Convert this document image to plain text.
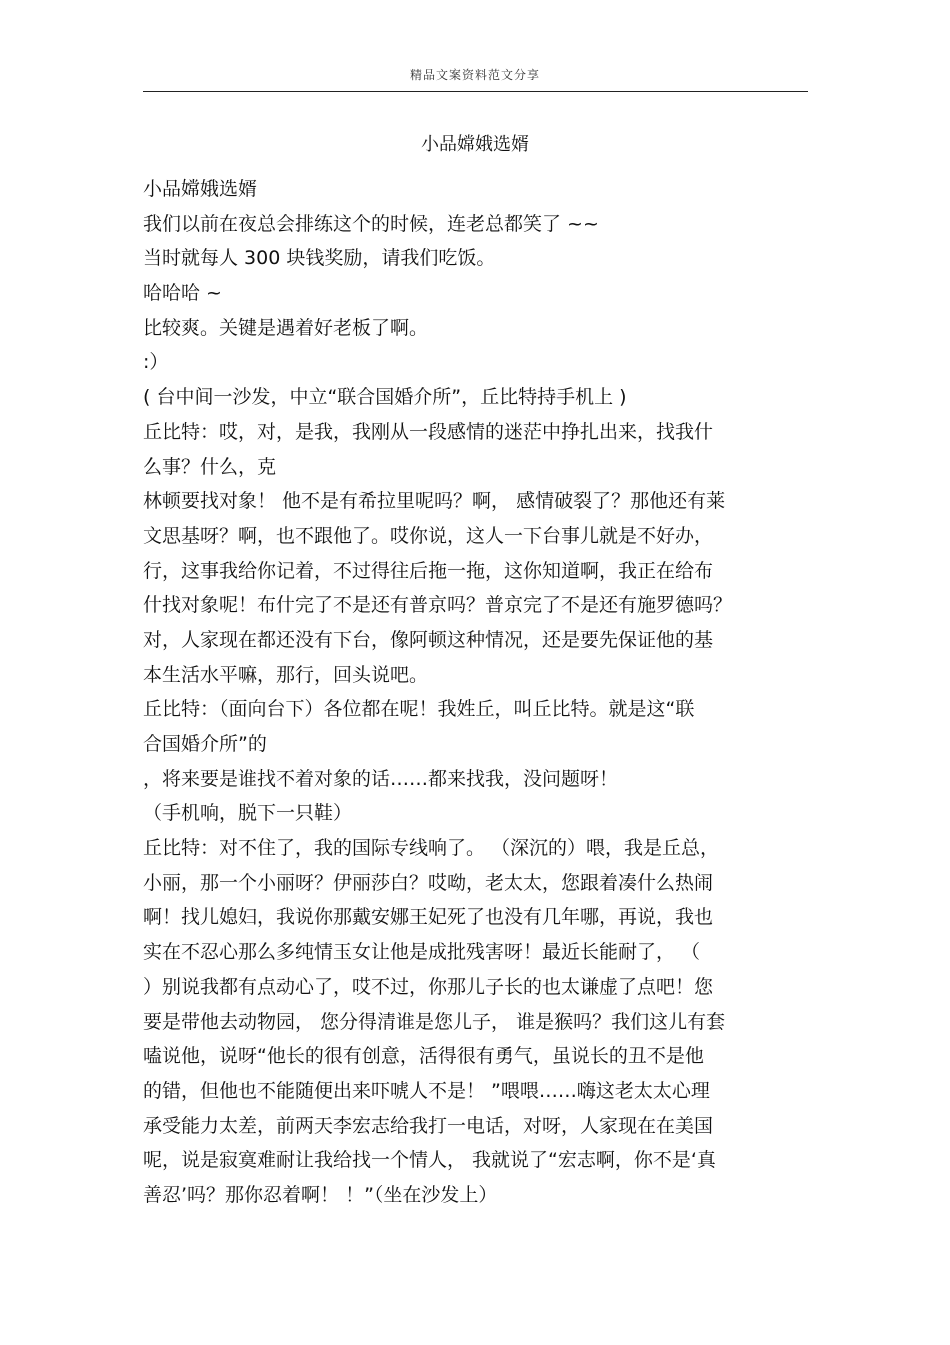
精品文案资料范文分享
小品嫦娥选婿
小品嫦娥选婿
我们以前在夜总会排练这个的时候，连老总都笑了 ~~
当时就每人 300 块钱奖励，请我们吃饭。
哈哈哈 ~
比较爽。关键是遇着好老板了啊。
:）
( 台中间一沙发，中立“联合国婚介所”，丘比特持手机上 )
丘比特：哎，对，是我，我刚从一段感情的迷茫中挣扎出来，找我什
么事？什么，克
林顿要找对象！ 他不是有希拉里呢吗？啊， 感情破裂了？那他还有莱
文思基呀？啊，也不跟他了。哎你说，这人一下台事儿就是不好办，
行，这事我给你记着，不过得往后拖一拖，这你知道啊，我正在给布
什找对象呢！布什完了不是还有普京吗？普京完了不是还有施罗德吗？
对，人家现在都还没有下台，像阿顿这种情况，还是要先保证他的基
本生活水平嘛，那行，回头说吧。
丘比特：（面向台下）各位都在呢！我姓丘，叫丘比特。就是这“联
合国婚介所”的
，将来要是谁找不着对象的话……都来找我，没问题呀！
（手机响，脱下一只鞋）
丘比特：对不住了，我的国际专线响了。 （深沉的）喂，我是丘总，
小丽，那一个小丽呀？伊丽莎白？哎呦，老太太，您跟着凑什么热闹
啊！找儿媳妇，我说你那戴安娜王妃死了也没有几年哪，再说，我也
实在不忍心那么多纯情玉女让他是成批残害呀！最近长能耐了， （
）别说我都有点动心了，哎不过，你那儿子长的也太谦虚了点吧！您
要是带他去动物园， 您分得清谁是您儿子， 谁是猴吗？我们这儿有套
嗑说他，说呀“他长的很有创意，活得很有勇气，虽说长的丑不是他
的错，但他也不能随便出来吓唬人不是！ ”喂喂……嗨这老太太心理
承受能力太差，前两天李宏志给我打一电话，对呀，人家现在在美国
呢，说是寂寞难耐让我给找一个情人， 我就说了“宏志啊，你不是‘真
善忍’吗？那你忍着啊！ ！”（坐在沙发上）
